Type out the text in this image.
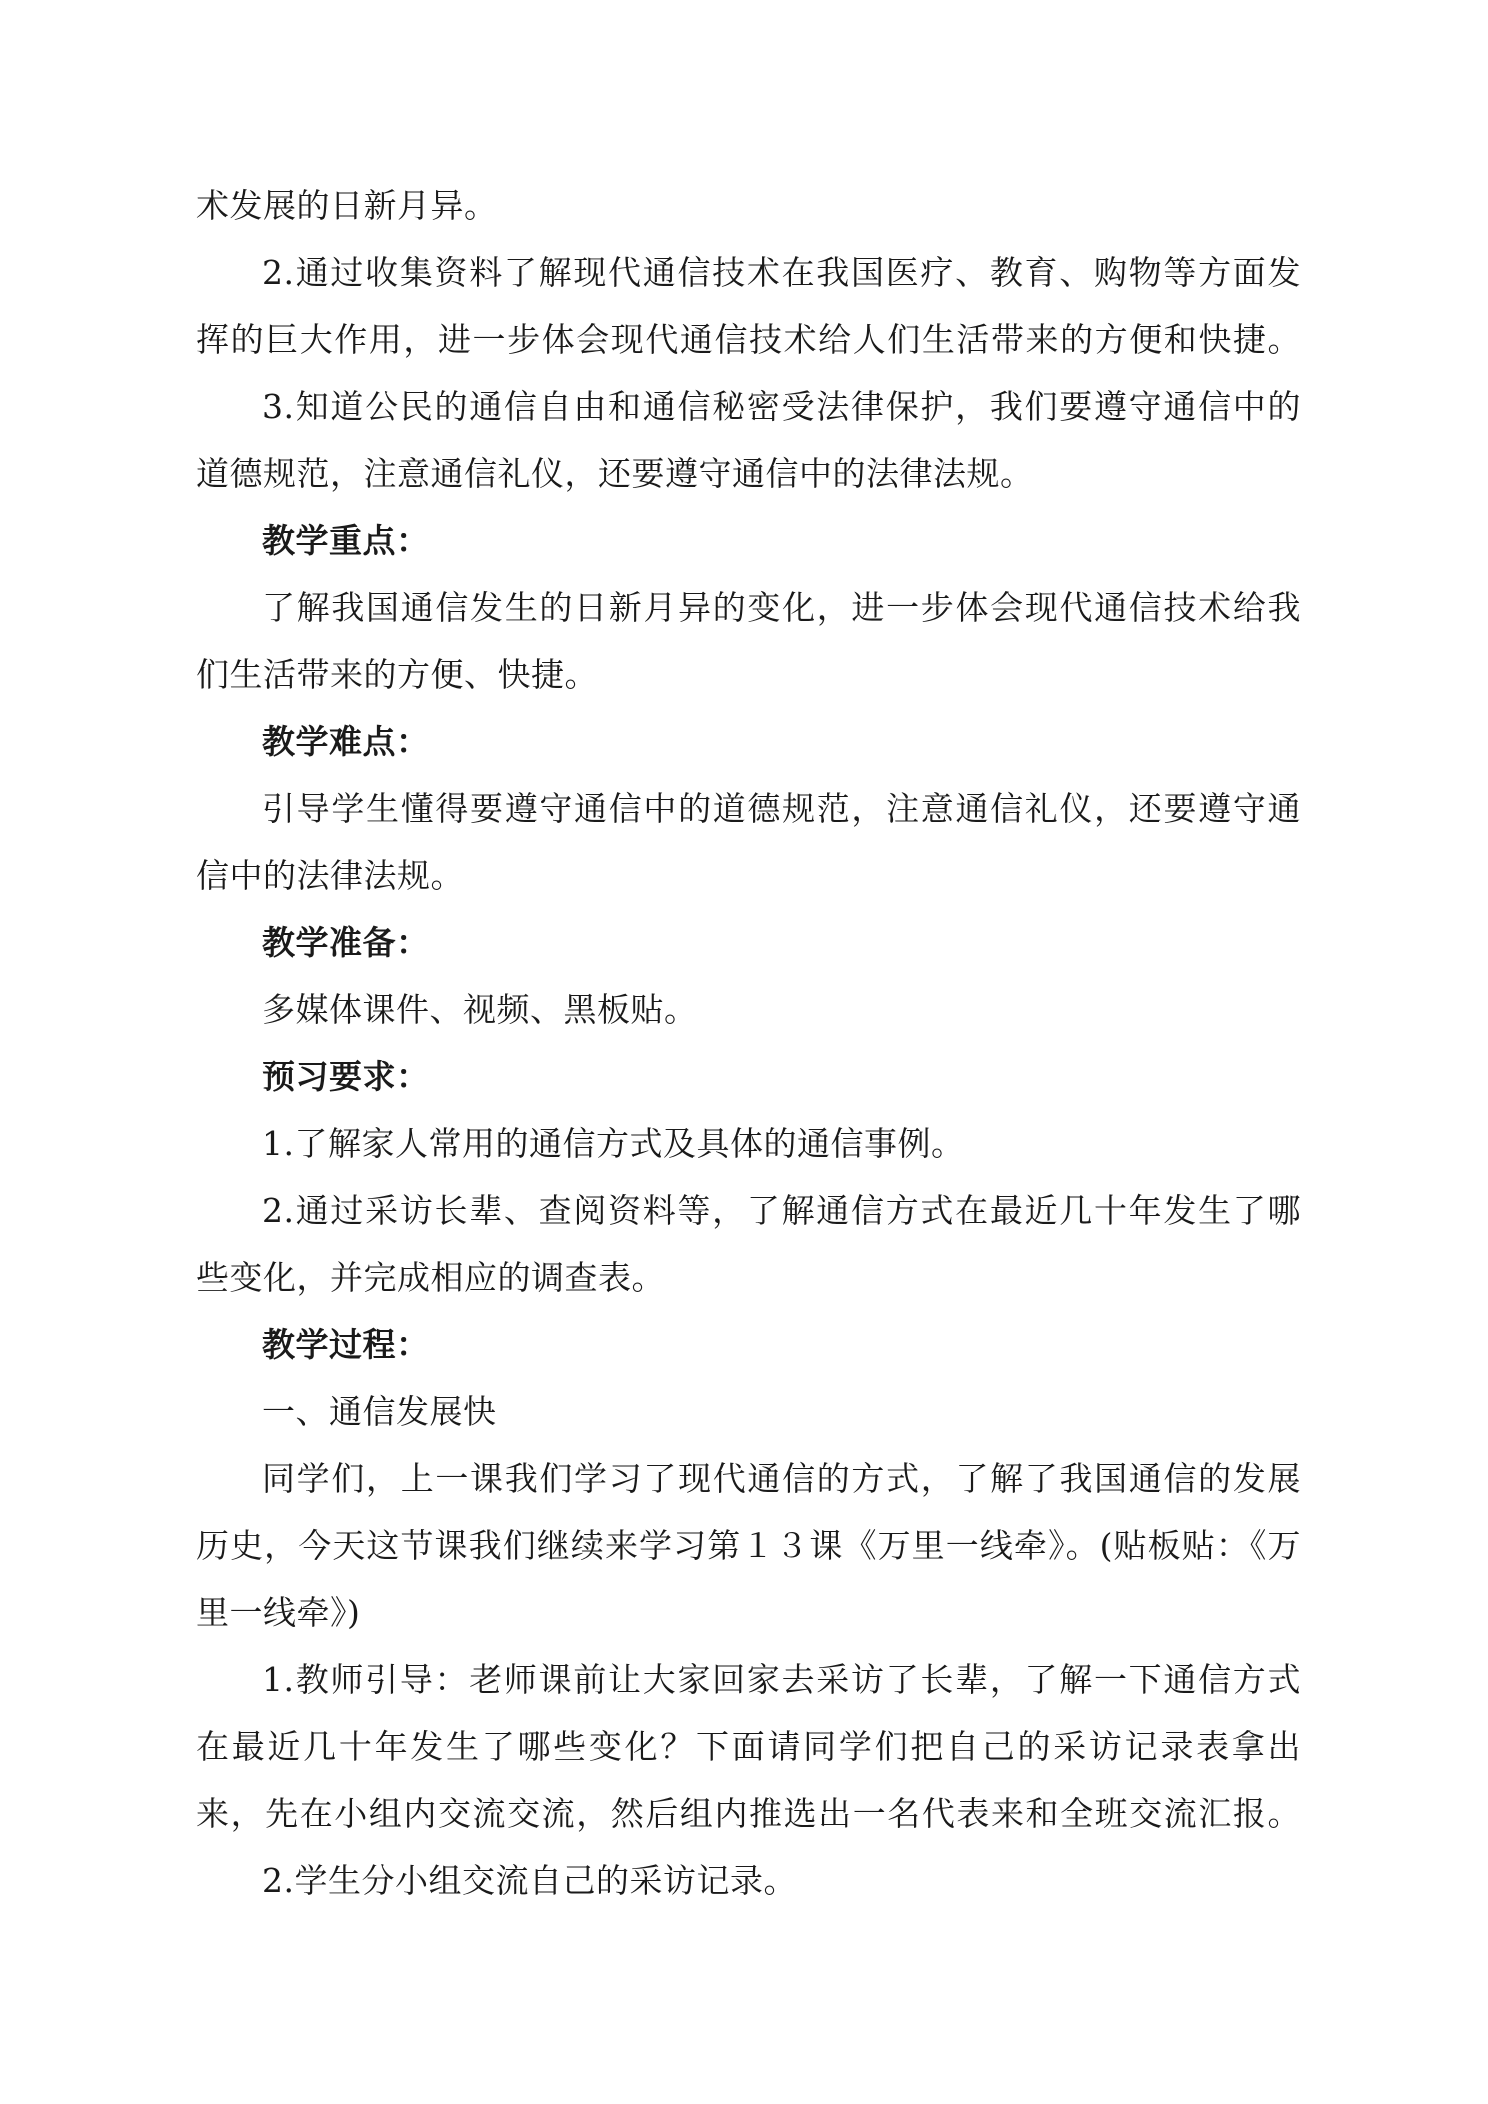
术发展的日新月异。
2.通过收集资料了解现代通信技术在我国医疗、教育、购物等方面发
挥的巨大作用，进一步体会现代通信技术给人们生活带来的方便和快捷。
3.知道公民的通信自由和通信秘密受法律保护，我们要遵守通信中的
道德规范，注意通信礼仪，还要遵守通信中的法律法规。
教学重点：
了解我国通信发生的日新月异的变化，进一步体会现代通信技术给我
们生活带来的方便、快捷。
教学难点：
引导学生懂得要遵守通信中的道德规范，注意通信礼仪，还要遵守通
信中的法律法规。
教学准备：
多媒体课件、视频、黑板贴。
预习要求：
1.了解家人常用的通信方式及具体的通信事例。
2.通过采访长辈、查阅资料等，了解通信方式在最近几十年发生了哪
些变化，并完成相应的调查表。
教学过程：
一、通信发展快
同学们，上一课我们学习了现代通信的方式，了解了我国通信的发展
历史，今天这节课我们继续来学习第１３课《万里一线牵》。(贴板贴：《万
里一线牵》)
1.教师引导：老师课前让大家回家去采访了长辈，了解一下通信方式
在最近几十年发生了哪些变化？下面请同学们把自己的采访记录表拿出
来，先在小组内交流交流，然后组内推选出一名代表来和全班交流汇报。
2.学生分小组交流自己的采访记录。
